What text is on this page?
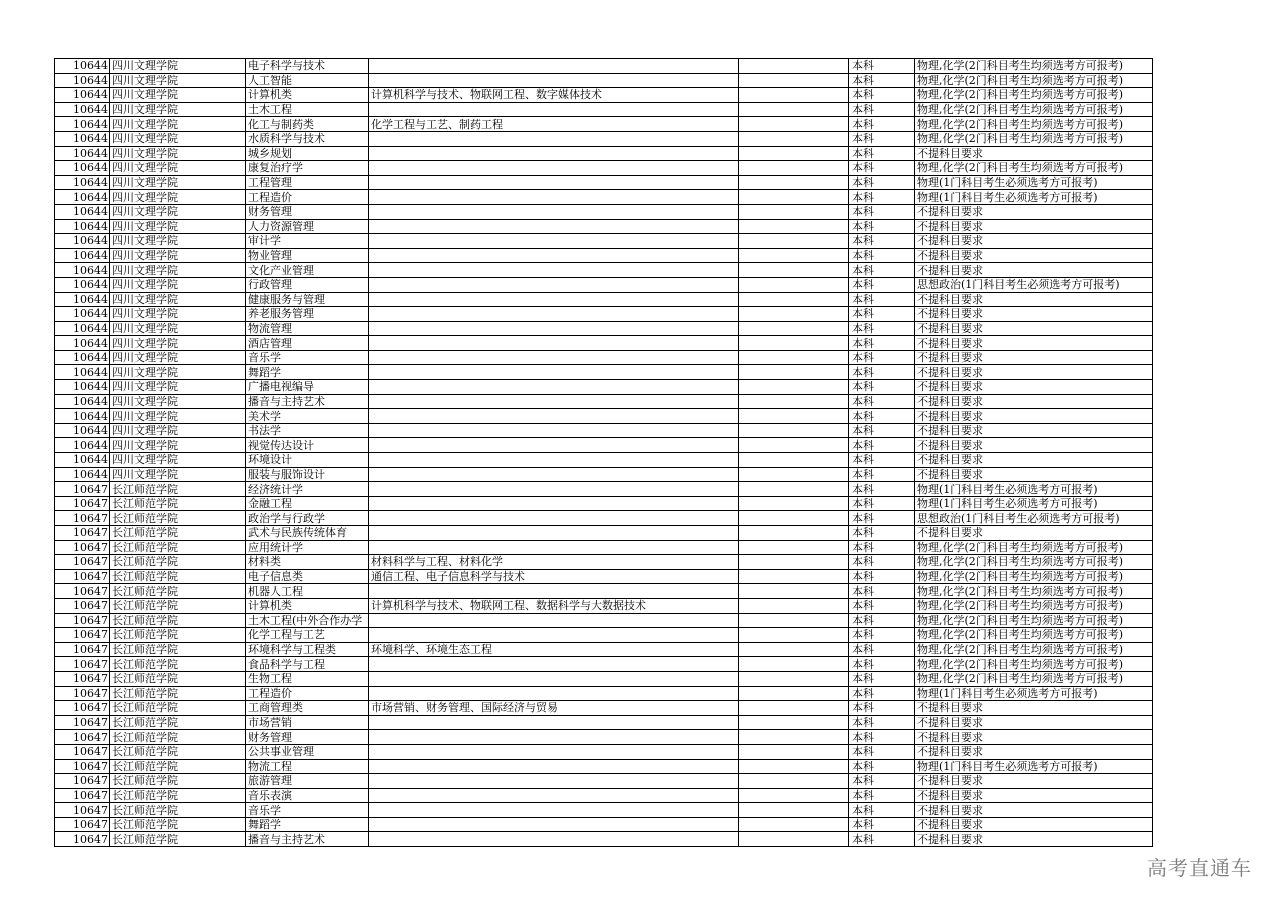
10644	四川文理学院	电子科学与技术			本科	物理,化学(2门科目考生均须选考方可报考)
10644	四川文理学院	人工智能			本科	物理,化学(2门科目考生均须选考方可报考)
10644	四川文理学院	计算机类	计算机科学与技术、物联网工程、数字媒体技术		本科	物理,化学(2门科目考生均须选考方可报考)
10644	四川文理学院	土木工程			本科	物理,化学(2门科目考生均须选考方可报考)
10644	四川文理学院	化工与制药类	化学工程与工艺、制药工程		本科	物理,化学(2门科目考生均须选考方可报考)
10644	四川文理学院	水质科学与技术			本科	物理,化学(2门科目考生均须选考方可报考)
10644	四川文理学院	城乡规划			本科	不提科目要求
10644	四川文理学院	康复治疗学			本科	物理,化学(2门科目考生均须选考方可报考)
10644	四川文理学院	工程管理			本科	物理(1门科目考生必须选考方可报考)
10644	四川文理学院	工程造价			本科	物理(1门科目考生必须选考方可报考)
10644	四川文理学院	财务管理			本科	不提科目要求
10644	四川文理学院	人力资源管理			本科	不提科目要求
10644	四川文理学院	审计学			本科	不提科目要求
10644	四川文理学院	物业管理			本科	不提科目要求
10644	四川文理学院	文化产业管理			本科	不提科目要求
10644	四川文理学院	行政管理			本科	思想政治(1门科目考生必须选考方可报考)
10644	四川文理学院	健康服务与管理			本科	不提科目要求
10644	四川文理学院	养老服务管理			本科	不提科目要求
10644	四川文理学院	物流管理			本科	不提科目要求
10644	四川文理学院	酒店管理			本科	不提科目要求
10644	四川文理学院	音乐学			本科	不提科目要求
10644	四川文理学院	舞蹈学			本科	不提科目要求
10644	四川文理学院	广播电视编导			本科	不提科目要求
10644	四川文理学院	播音与主持艺术			本科	不提科目要求
10644	四川文理学院	美术学			本科	不提科目要求
10644	四川文理学院	书法学			本科	不提科目要求
10644	四川文理学院	视觉传达设计			本科	不提科目要求
10644	四川文理学院	环境设计			本科	不提科目要求
10644	四川文理学院	服装与服饰设计			本科	不提科目要求
10647	长江师范学院	经济统计学			本科	物理(1门科目考生必须选考方可报考)
10647	长江师范学院	金融工程			本科	物理(1门科目考生必须选考方可报考)
10647	长江师范学院	政治学与行政学			本科	思想政治(1门科目考生必须选考方可报考)
10647	长江师范学院	武术与民族传统体育			本科	不提科目要求
10647	长江师范学院	应用统计学			本科	物理,化学(2门科目考生均须选考方可报考)
10647	长江师范学院	材料类	材料科学与工程、材料化学		本科	物理,化学(2门科目考生均须选考方可报考)
10647	长江师范学院	电子信息类	通信工程、电子信息科学与技术		本科	物理,化学(2门科目考生均须选考方可报考)
10647	长江师范学院	机器人工程			本科	物理,化学(2门科目考生均须选考方可报考)
10647	长江师范学院	计算机类	计算机科学与技术、物联网工程、数据科学与大数据技术		本科	物理,化学(2门科目考生均须选考方可报考)
10647	长江师范学院	土木工程(中外合作办学			本科	物理,化学(2门科目考生均须选考方可报考)
10647	长江师范学院	化学工程与工艺			本科	物理,化学(2门科目考生均须选考方可报考)
10647	长江师范学院	环境科学与工程类	环境科学、环境生态工程		本科	物理,化学(2门科目考生均须选考方可报考)
10647	长江师范学院	食品科学与工程			本科	物理,化学(2门科目考生均须选考方可报考)
10647	长江师范学院	生物工程			本科	物理,化学(2门科目考生均须选考方可报考)
10647	长江师范学院	工程造价			本科	物理(1门科目考生必须选考方可报考)
10647	长江师范学院	工商管理类	市场营销、财务管理、国际经济与贸易		本科	不提科目要求
10647	长江师范学院	市场营销			本科	不提科目要求
10647	长江师范学院	财务管理			本科	不提科目要求
10647	长江师范学院	公共事业管理			本科	不提科目要求
10647	长江师范学院	物流工程			本科	物理(1门科目考生必须选考方可报考)
10647	长江师范学院	旅游管理			本科	不提科目要求
10647	长江师范学院	音乐表演			本科	不提科目要求
10647	长江师范学院	音乐学			本科	不提科目要求
10647	长江师范学院	舞蹈学			本科	不提科目要求
10647	长江师范学院	播音与主持艺术			本科	不提科目要求
高考直通车
